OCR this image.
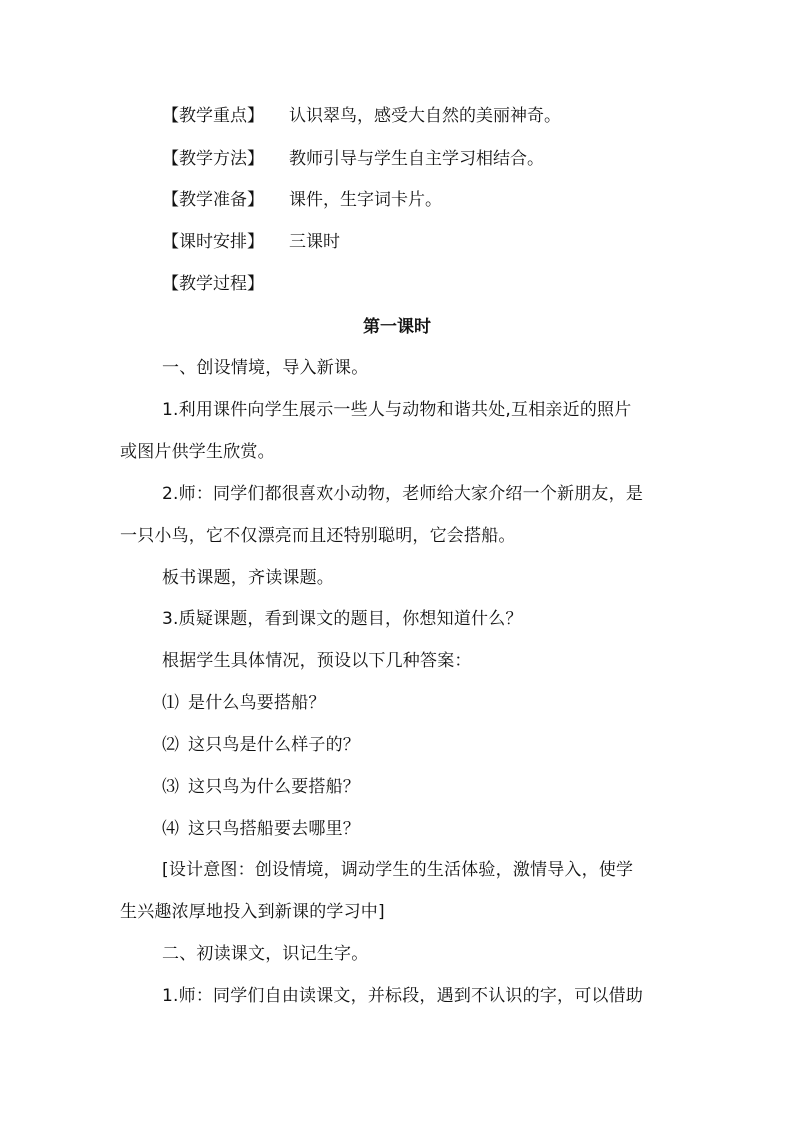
【教学重点】 认识翠鸟，感受大自然的美丽神奇。
【教学方法】 教师引导与学生自主学习相结合。
【教学准备】 课件，生字词卡片。
【课时安排】 三课时
【教学过程】
第一课时
一、创设情境，导入新课。
1.利用课件向学生展示一些人与动物和谐共处,互相亲近的照片
或图片供学生欣赏。
2.师：同学们都很喜欢小动物，老师给大家介绍一个新朋友，是
一只小鸟，它不仅漂亮而且还特别聪明，它会搭船。
板书课题，齐读课题。
3.质疑课题，看到课文的题目，你想知道什么？
根据学生具体情况，预设以下几种答案：
⑴ 是什么鸟要搭船？
⑵ 这只鸟是什么样子的？
⑶ 这只鸟为什么要搭船？
⑷ 这只鸟搭船要去哪里？
[设计意图：创设情境，调动学生的生活体验，激情导入，使学
生兴趣浓厚地投入到新课的学习中]
二、初读课文，识记生字。
1.师：同学们自由读课文，并标段，遇到不认识的字，可以借助
